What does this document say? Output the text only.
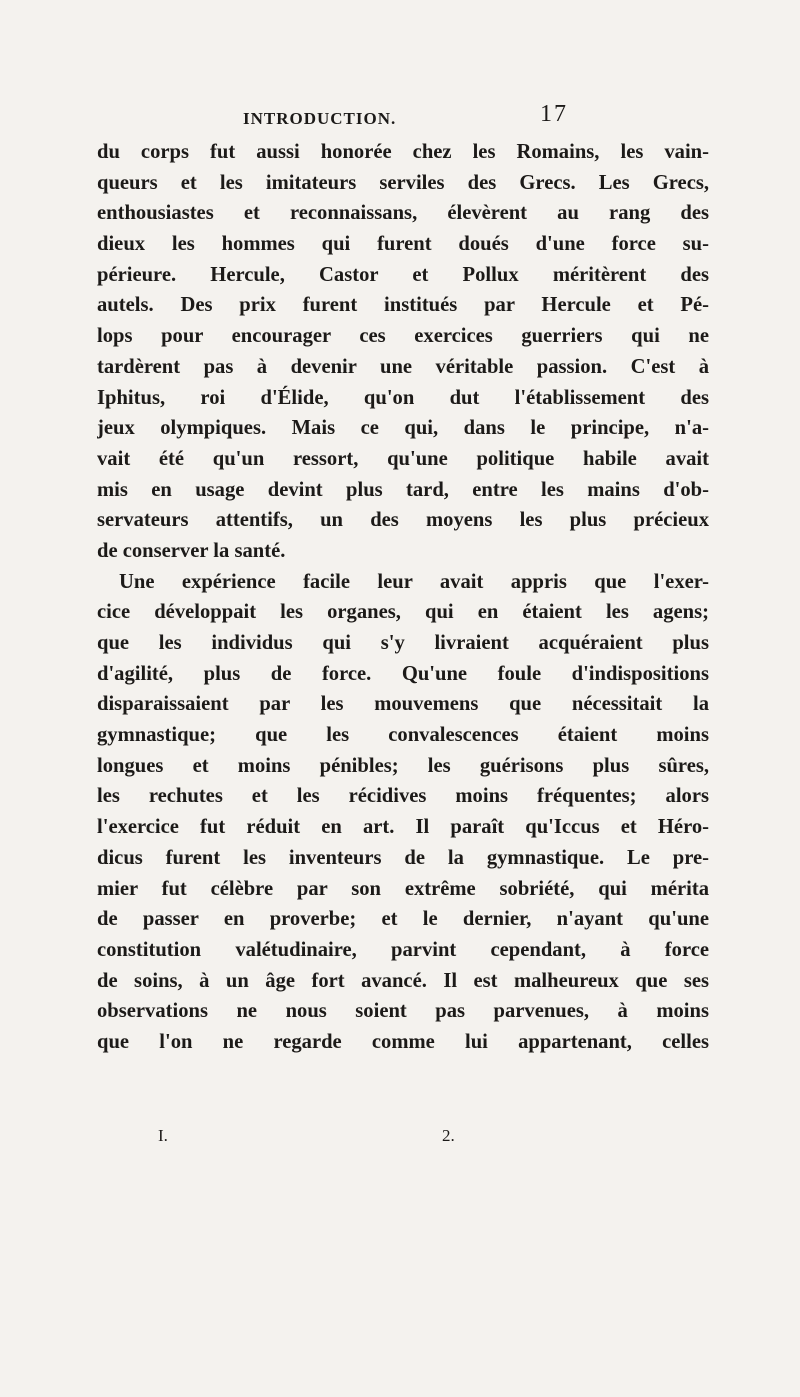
INTRODUCTION.	17
du corps fut aussi honorée chez les Romains, les vain-
queurs et les imitateurs serviles des Grecs. Les Grecs,
enthousiastes et reconnaissans, élevèrent au rang des
dieux les hommes qui furent doués d'une force su-
périeure. Hercule, Castor et Pollux méritèrent des
autels. Des prix furent institués par Hercule et Pé-
lops pour encourager ces exercices guerriers qui ne
tardèrent pas à devenir une véritable passion. C'est à
Iphitus, roi d'Élide, qu'on dut l'établissement des
jeux olympiques. Mais ce qui, dans le principe, n'a-
vait été qu'un ressort, qu'une politique habile avait
mis en usage devint plus tard, entre les mains d'ob-
servateurs attentifs, un des moyens les plus précieux
de conserver la santé.
Une expérience facile leur avait appris que l'exer-
cice développait les organes, qui en étaient les agens;
que les individus qui s'y livraient acquéraient plus
d'agilité, plus de force. Qu'une foule d'indispositions
disparaissaient par les mouvemens que nécessitait la
gymnastique; que les convalescences étaient moins
longues et moins pénibles; les guérisons plus sûres,
les rechutes et les récidives moins fréquentes; alors
l'exercice fut réduit en art. Il paraît qu'Iccus et Héro-
dicus furent les inventeurs de la gymnastique. Le pre-
mier fut célèbre par son extrême sobriété, qui mérita
de passer en proverbe; et le dernier, n'ayant qu'une
constitution valétudinaire, parvint cependant, à force
de soins, à un âge fort avancé. Il est malheureux que ses
observations ne nous soient pas parvenues, à moins
que l'on ne regarde comme lui appartenant, celles
I.	2.
